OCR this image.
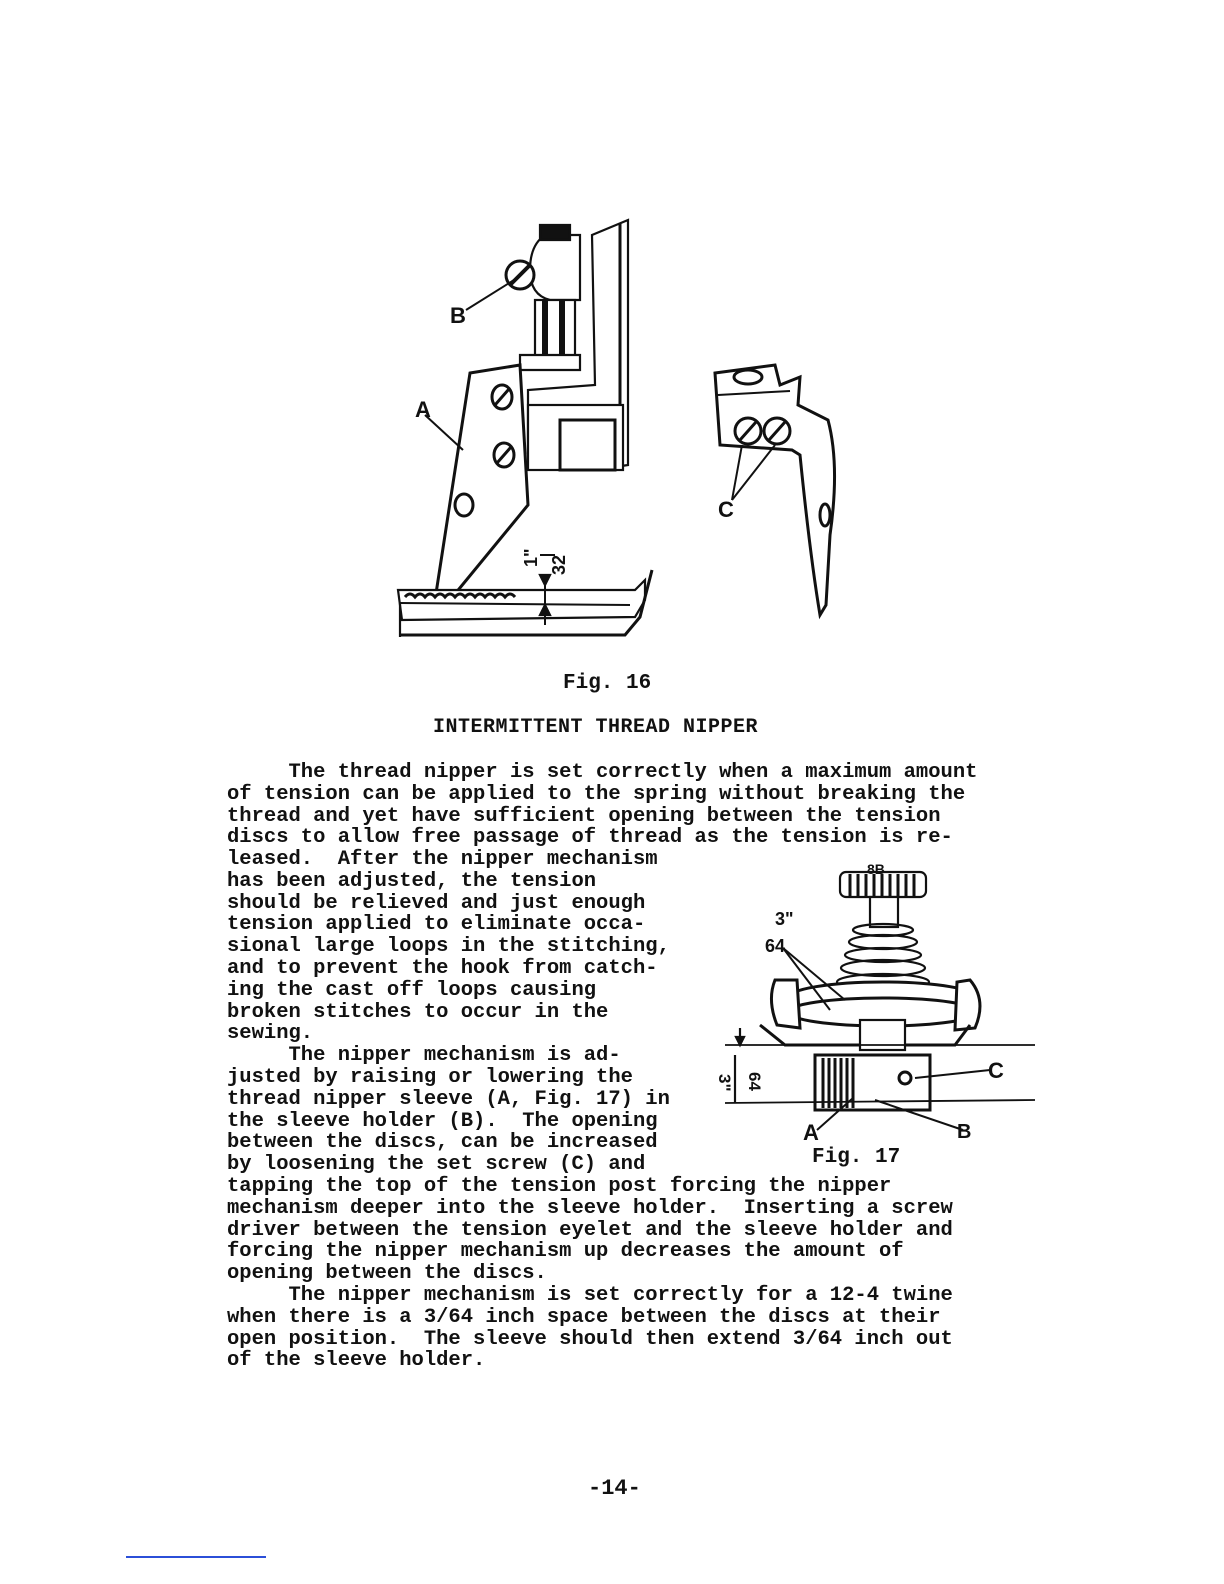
B
A
C
1" 32
Fig. 16
INTERMITTENT THREAD NIPPER
The thread nipper is set correctly when a maximum amount
of tension can be applied to the spring without breaking the
thread and yet have sufficient opening between the tension
discs to allow free passage of thread as the tension is re-
leased.  After the nipper mechanism
has been adjusted, the tension
should be relieved and just enough
tension applied to eliminate occa-
sional large loops in the stitching,
and to prevent the hook from catch-
ing the cast off loops causing
broken stitches to occur in the
sewing.
The nipper mechanism is ad-
justed by raising or lowering the
thread nipper sleeve (A, Fig. 17) in
the sleeve holder (B).  The opening
between the discs, can be increased
by loosening the set screw (C) and
8B
3"
64
3" 64	C
B
A
Fig. 17
tapping the top of the tension post forcing the nipper
mechanism deeper into the sleeve holder.  Inserting a screw
driver between the tension eyelet and the sleeve holder and
forcing the nipper mechanism up decreases the amount of
opening between the discs.
The nipper mechanism is set correctly for a 12-4 twine
when there is a 3/64 inch space between the discs at their
open position.  The sleeve should then extend 3/64 inch out
of the sleeve holder.
-14-
